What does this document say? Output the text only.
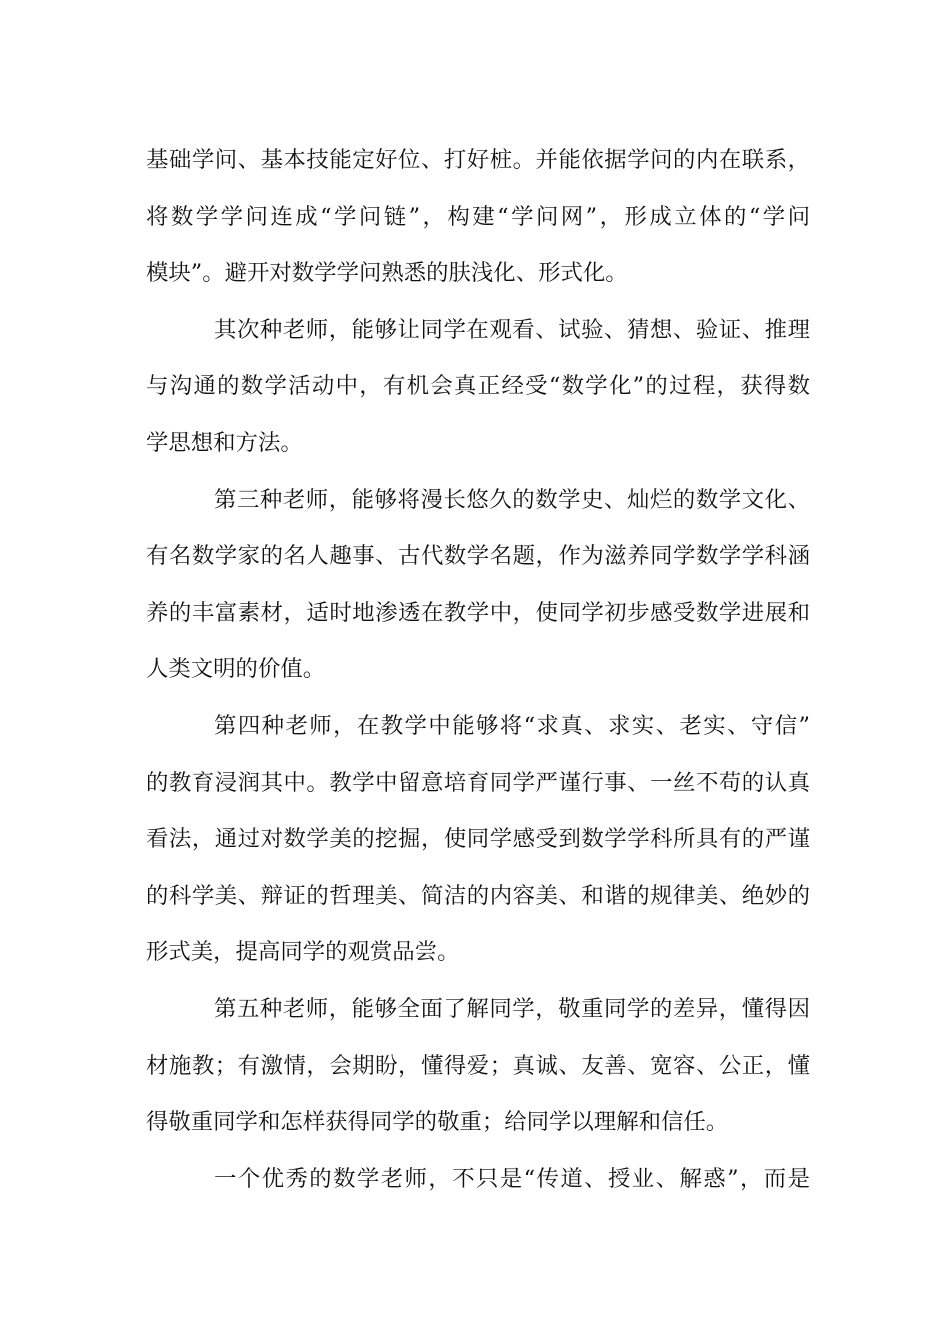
基础学问、基本技能定好位、打好桩。并能依据学问的内在联系，
将数学学问连成“学问链”，构建“学问网”，形成立体的“学问
模块”。避开对数学学问熟悉的肤浅化、形式化。
其次种老师，能够让同学在观看、试验、猜想、验证、推理
与沟通的数学活动中，有机会真正经受“数学化”的过程，获得数
学思想和方法。
第三种老师，能够将漫长悠久的数学史、灿烂的数学文化、
有名数学家的名人趣事、古代数学名题，作为滋养同学数学学科涵
养的丰富素材，适时地渗透在教学中，使同学初步感受数学进展和
人类文明的价值。
第四种老师，在教学中能够将“求真、求实、老实、守信”
的教育浸润其中。教学中留意培育同学严谨行事、一丝不苟的认真
看法，通过对数学美的挖掘，使同学感受到数学学科所具有的严谨
的科学美、辩证的哲理美、简洁的内容美、和谐的规律美、绝妙的
形式美，提高同学的观赏品尝。
第五种老师，能够全面了解同学，敬重同学的差异，懂得因
材施教；有激情，会期盼，懂得爱；真诚、友善、宽容、公正，懂
得敬重同学和怎样获得同学的敬重；给同学以理解和信任。
一个优秀的数学老师，不只是“传道、授业、解惑”，而是
